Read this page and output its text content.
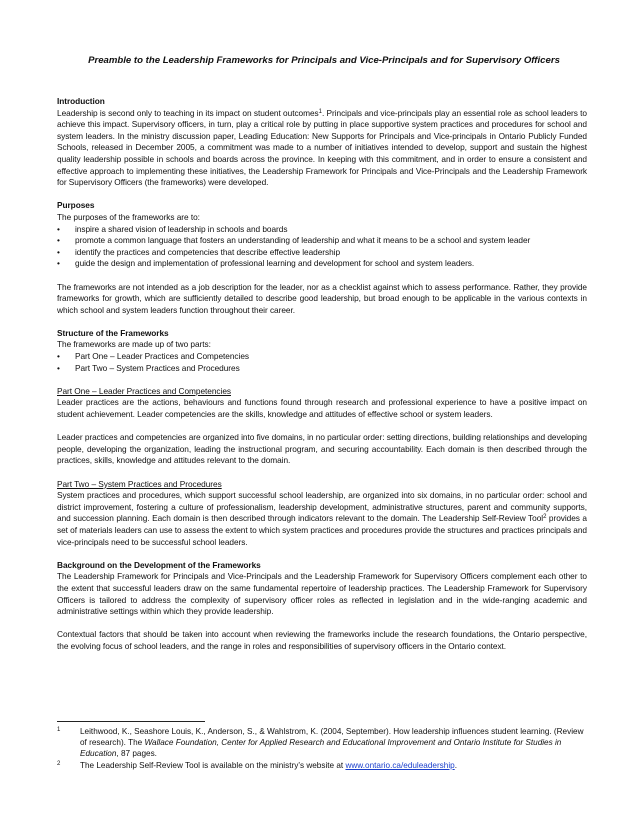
Preamble to the Leadership Frameworks for Principals and Vice-Principals and for Supervisory Officers
Introduction

Leadership is second only to teaching in its impact on student outcomes$^1$. Principals and vice-principals play an essential role as school leaders to achieve this impact. Supervisory officers, in turn, play a critical role by putting in place supportive system practices and procedures for school and system leaders. In the ministry discussion paper, Leading Education: New Supports for Principals and Vice-principals in Ontario Publicly Funded Schools, released in December 2005, a commitment was made to a number of initiatives intended to develop, support and sustain the highest quality leadership possible in schools and boards across the province. In keeping with this commitment, and in order to ensure a consistent and effective approach to implementing these initiatives, the Leadership Framework for Principals and Vice-Principals and the Leadership Framework for Supervisory Officers (the frameworks) were developed.

Purposes
The purposes of the frameworks are to:
• inspire a shared vision of leadership in schools and boards
• promote a common language that fosters an understanding of leadership and what it means to be a school and system leader
• identify the practices and competencies that describe effective leadership
• guide the design and implementation of professional learning and development for school and system leaders.

The frameworks are not intended as a job description for the leader, nor as a checklist against which to assess performance. Rather, they provide frameworks for growth, which are sufficiently detailed to describe good leadership, but broad enough to be applicable in the various contexts in which school and system leaders function throughout their career.

Structure of the Frameworks
The frameworks are made up of two parts:
• Part One – Leader Practices and Competencies
• Part Two – System Practices and Procedures
Part One – Leader Practices and Competencies

Leader practices are the actions, behaviours and functions found through research and professional experience to have a positive impact on student achievement. Leader competencies are the skills, knowledge and attitudes of effective school or system leaders.

Leader practices and competencies are organized into five domains, in no particular order: setting directions, building relationships and developing people, developing the organization, leading the instructional program, and securing accountability. Each domain is then described through the practices, skills, knowledge and attitudes relevant to the domain.

Part Two – System Practices and Procedures

System practices and procedures, which support successful school leadership, are organized into six domains, in no particular order: school and district improvement, fostering a culture of professionalism, leadership development, administrative structures, parent and community supports, and succession planning. Each domain is then described through indicators relevant to the domain. The Leadership Self-Review Tool$^2$ provides a set of materials leaders can use to assess the extent to which system practices and procedures provide the structures and practices principals and vice-principals need to be successful school leaders.

Background on the Development of the Frameworks

The Leadership Framework for Principals and Vice-Principals and the Leadership Framework for Supervisory Officers complement each other to the extent that successful leaders draw on the same fundamental repertoire of leadership practices. The Leadership Framework for Supervisory Officers is tailored to address the complexity of supervisory officer roles as reflected in legislation and in the wide-ranging academic and administrative settings within which they provide leadership.

Contextual factors that should be taken into account when reviewing the frameworks include the research foundations, the Ontario perspective, the evolving focus of school leaders, and the range in roles and responsibilities of supervisory officers in the Ontario context.

1 Leithwood, K., Seashore Louis, K., Anderson, S., & Wahlstrom, K. (2004, September). How leadership influences student learning. (Review of research). The Wallace Foundation, Center for Applied Research and Educational Improvement and Ontario Institute for Studies in Education, 87 pages.
2 The Leadership Self-Review Tool is available on the ministry’s website at www.ontario.ca/eduleadership.
